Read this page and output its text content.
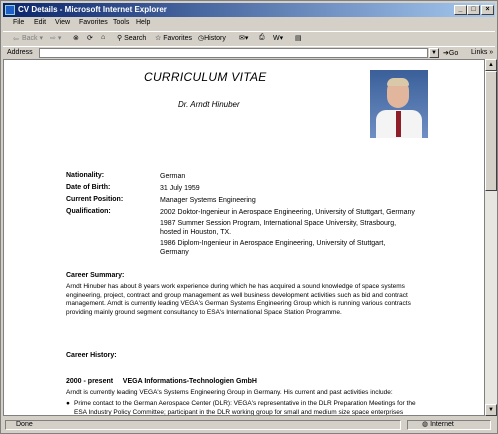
CV Details - Microsoft Internet Explorer	_	□	×
File Edit View Favorites Tools Help
⇦ Back ▾ ⇨ ▾ ⊗ ⟳ ⌂ ⚲ Search ☆ Favorites ◷History ✉▾ ⎙ W▾ ▤
Address	▼ ➔Go Links »
CURRICULUM VITAE
Dr. Arndt Hinuber
Nationality:	German
Date of Birth:	31 July 1959
Current Position:	Manager Systems Engineering
Qualification:	2002 Doktor-Ingenieur in Aerospace Engineering, University of Stuttgart, Germany
1987 Summer Session Program, International Space University, Strasbourg, hosted in Houston, TX.
1986 Diplom-Ingenieur in Aerospace Engineering, University of Stuttgart, Germany
Career Summary:
Arndt Hinuber has about 8 years work experience during which he has acquired a sound knowledge of space systems engineering, project, contract and group management as well business development activities such as bid and contract management. Arndt is currently leading VEGA's German Systems Engineering Group which is running various contracts providing mainly ground segment consultancy to ESA's International Space Station Programme.
Career History:
2000 - present     VEGA Informations-Technologien GmbH
Arndt is currently leading VEGA's Systems Engineering Group in Germany. His current and past activities include:
● Prime contact to the German Aerospace Center (DLR): VEGA's representative in the DLR Preparation Meetings for the ESA Industry Policy Committee; participant in the DLR working group for small and medium size space enterprises
▲
▼
Done	◍ Internet
